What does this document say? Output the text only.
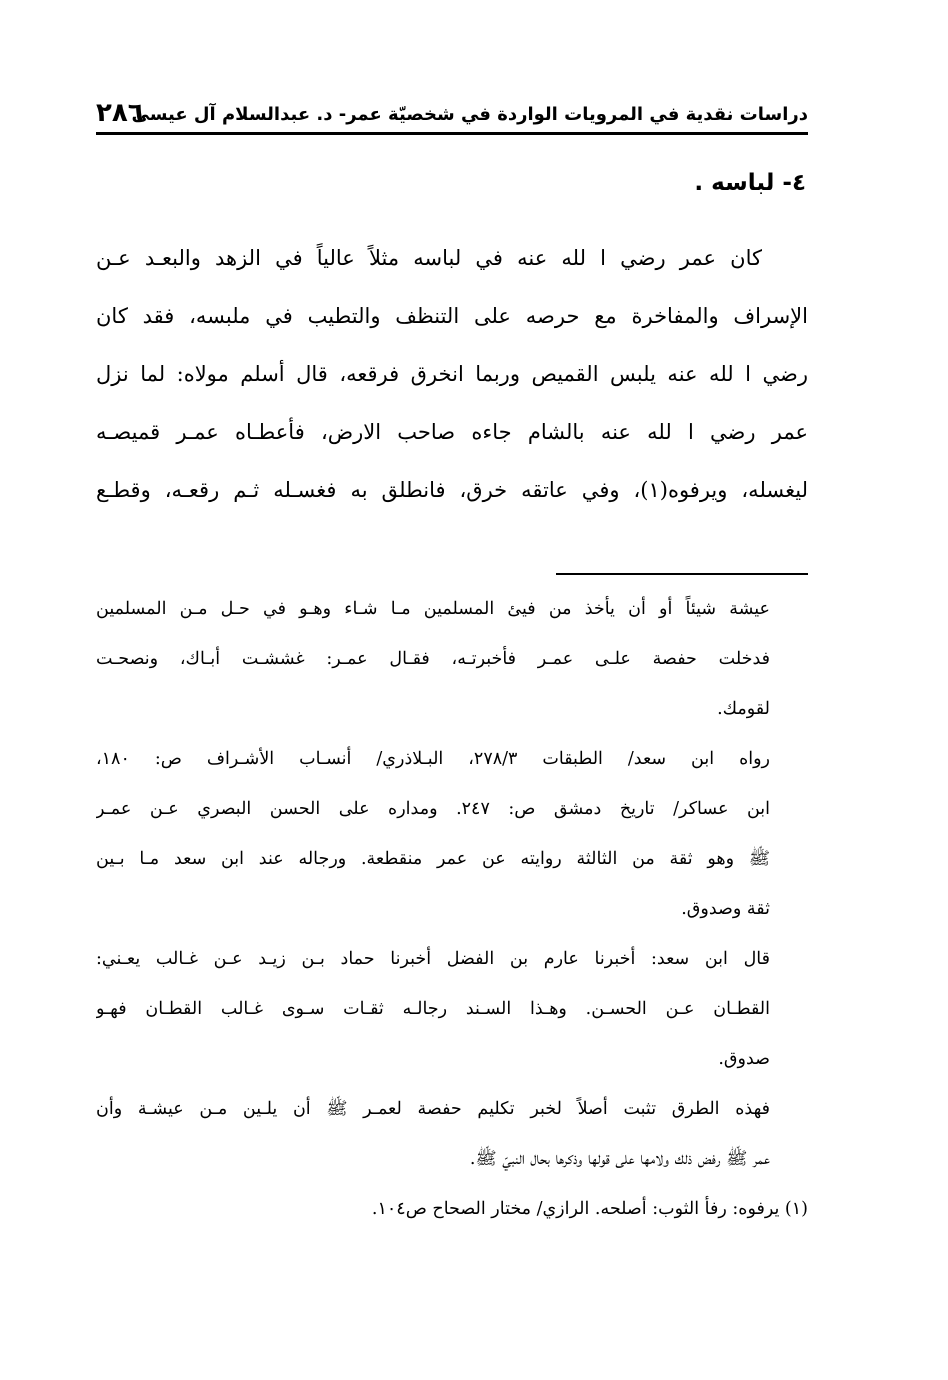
دراسات نقدية في المرويات الواردة في شخصيّة عمر- د. عبدالسلام آل عيسى
٢٨٦
٤- لباسه .
كان عمر رضي ا لله عنه في لباسه مثلاً عالياً في الزهد والبعـد عـن
الإسراف والمفاخرة مع حرصه على التنظف والتطيب في ملبسه، فقد كان
رضي ا لله عنه يلبس القميص وربما انخرق فرقعه، قال أسلم مولاه: لما نزل
عمر رضي ا لله عنه بالشام جاءه صاحب الارض، فأعطـاه عمـر قميصـه
ليغسله، ويرفوه(١)، وفي عاتقه خرق، فانطلق به فغسـله ثـم رقعـه، وقطـع
عيشة شيئاً أو أن يأخذ من فيئ المسلمين مـا شـاء وهـو في حـل مـن المسلمين
فدخلت حفصة علـى عمـر فأخبرتـه، فقـال عمـر: غششـت أبـاك، ونصحـت
لقومك.
رواه ابن سعد/ الطبقات ٢٧٨/٣، البـلاذري/ أنسـاب الأشـراف ص: ١٨٠،
ابن عساكر/ تاريخ دمشق ص: ٢٤٧. ومداره على الحسن البصري عـن عمـر
ﷺ وهو ثقة من الثالثة روايته عن عمر منقطعة. ورجاله عند ابن سعد مـا بـين
ثقة وصدوق.
قال ابن سعد: أخبرنا عارم بن الفضل أخبرنا حماد بـن زيـد عـن غـالب يعـني:
القطـان عـن الحسـن. وهـذا السـند رجالـه ثقـات سـوى غـالب القطـان فهـو
صدوق.
فهذه الطرق تثبت أصلاً لخبر تكليم حفصة لعمـر ﷺ أن يلـين مـن عيشـة وأن
عمر ﷺ رفض ذلك ولامها على قولها وذكرها بحال النبيّ ﷺ.
(١) يرفوه: رفأ الثوب: أصلحه. الرازي/ مختار الصحاح ص١٠٤.
